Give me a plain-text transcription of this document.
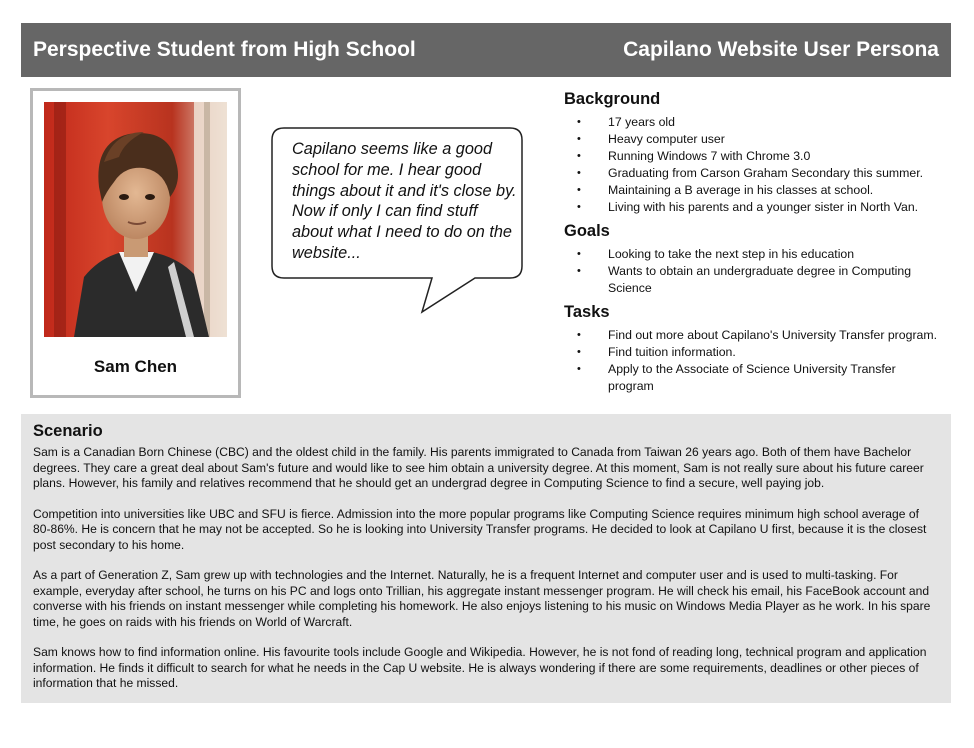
Perspective Student from High School	Capilano Website User Persona
Sam Chen
Capilano seems like a good school for me. I hear good things about it and it's close by. Now if only I can find stuff about what I need to do on the website...
Background
• 17 years old
• Heavy computer user
• Running Windows 7 with Chrome 3.0
• Graduating from Carson Graham Secondary this summer.
• Maintaining a B average in his classes at school.
• Living with his parents and a younger sister in North Van.
Goals
• Looking to take the next step in his education
• Wants to obtain an undergraduate degree in Computing Science
Tasks
• Find out more about Capilano's University Transfer program.
• Find tuition information.
• Apply to the Associate of Science University Transfer program
Scenario

Sam is a Canadian Born Chinese (CBC) and the oldest child in the family. His parents immigrated to Canada from Taiwan 26 years ago. Both of them have Bachelor degrees. They care a great deal about Sam's future and would like to see him obtain a university degree. At this moment, Sam is not really sure about his future career plans. However, his family and relatives recommend that he should get an undergrad degree in Computing Science to find a secure, well paying job.

Competition into universities like UBC and SFU is fierce. Admission into the more popular programs like Computing Science requires minimum high school average of 80-86%. He is concern that he may not be accepted. So he is looking into University Transfer programs. He decided to look at Capilano U first, because it is the closest post secondary to his home.

As a part of Generation Z, Sam grew up with technologies and the Internet. Naturally, he is a frequent Internet and computer user and is used to multi-tasking. For example, everyday after school, he turns on his PC and logs onto Trillian, his aggregate instant messenger program. He will check his email, his FaceBook account and converse with his friends on instant messenger while completing his homework. He also enjoys listening to his music on Windows Media Player as he work. In his spare time, he goes on raids with his friends on World of Warcraft.

Sam knows how to find information online. His favourite tools include Google and Wikipedia. However, he is not fond of reading long, technical program and application information. He finds it difficult to search for what he needs in the Cap U website. He is always wondering if there are some requirements, deadlines or other pieces of information that he missed.
